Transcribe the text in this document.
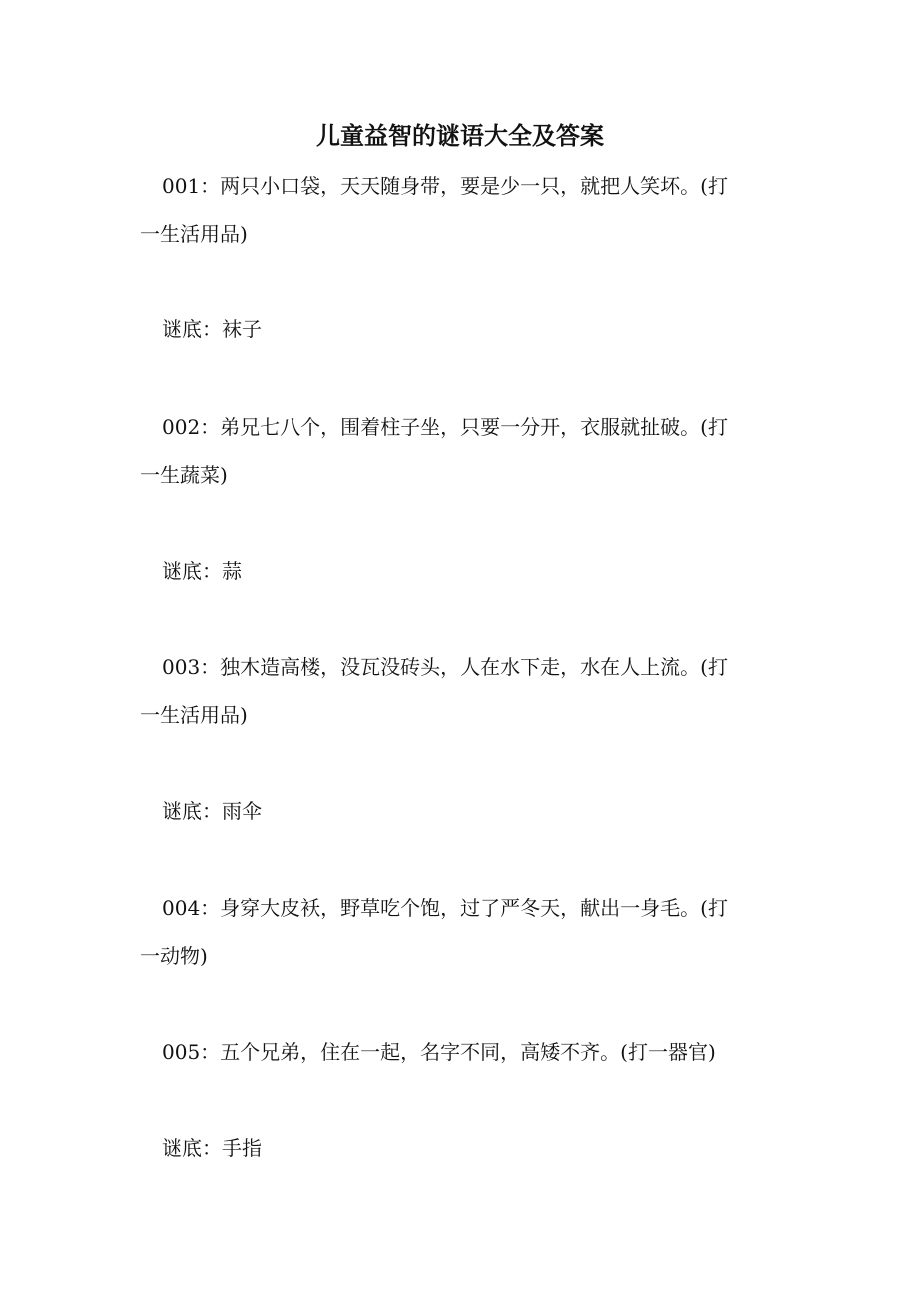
儿童益智的谜语大全及答案
001：两只小口袋，天天随身带，要是少一只，就把人笑坏。(打
一生活用品)
谜底：袜子
002：弟兄七八个，围着柱子坐，只要一分开，衣服就扯破。(打
一生蔬菜)
谜底：蒜
003：独木造高楼，没瓦没砖头，人在水下走，水在人上流。(打
一生活用品)
谜底：雨伞
004：身穿大皮袄，野草吃个饱，过了严冬天，献出一身毛。(打
一动物)
005：五个兄弟，住在一起，名字不同，高矮不齐。(打一器官)
谜底：手指
